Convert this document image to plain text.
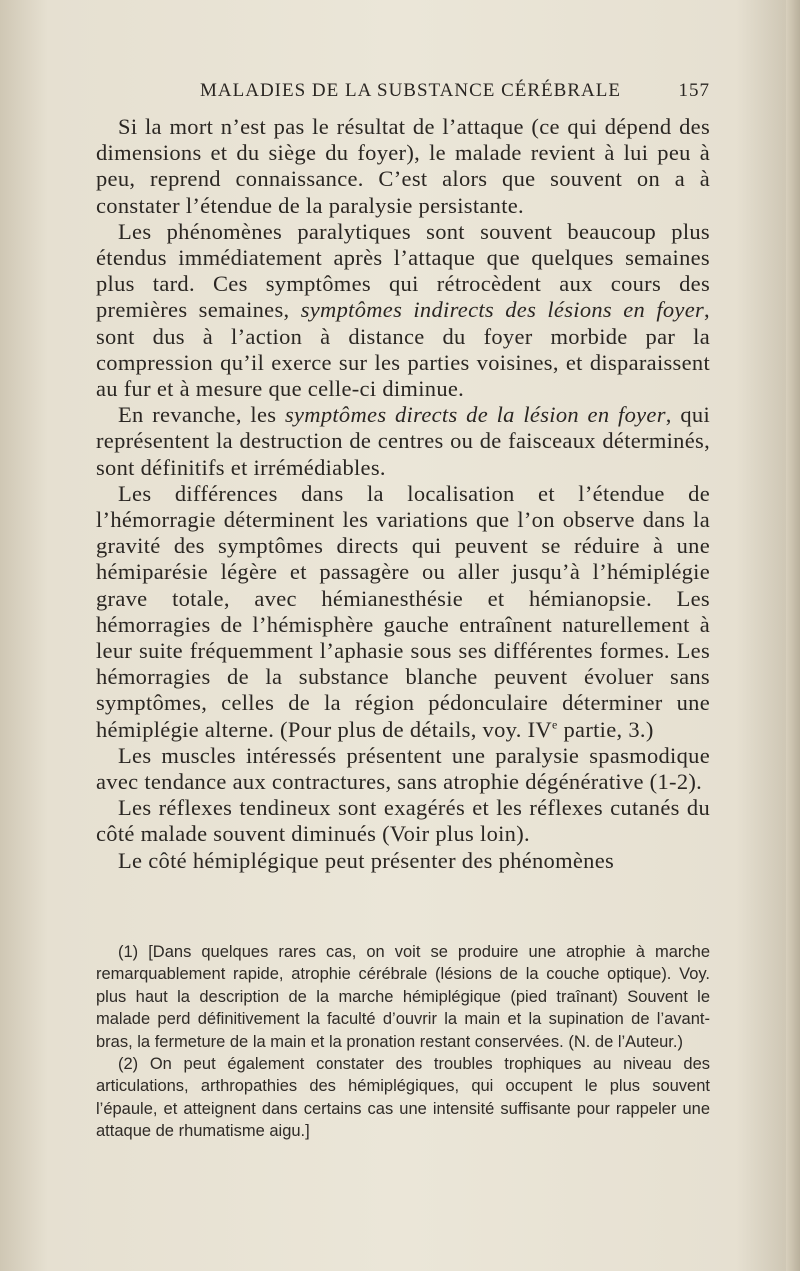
MALADIES DE LA SUBSTANCE CÉRÉBRALE	157

Si la mort n’est pas le résultat de l’attaque (ce qui dépend des dimensions et du siège du foyer), le malade revient à lui peu à peu, reprend connaissance. C’est alors que souvent on a à constater l’étendue de la paralysie persistante.

Les phénomènes paralytiques sont souvent beaucoup plus étendus immédiatement après l’attaque que quelques semaines plus tard. Ces symptômes qui rétrocèdent aux cours des premières semaines, symptômes indirects des lésions en foyer, sont dus à l’action à distance du foyer morbide par la compression qu’il exerce sur les parties voisines, et disparaissent au fur et à mesure que celle-ci diminue.

En revanche, les symptômes directs de la lésion en foyer, qui représentent la destruction de centres ou de faisceaux déterminés, sont définitifs et irrémédiables.

Les différences dans la localisation et l’étendue de l’hémorragie déterminent les variations que l’on observe dans la gravité des symptômes directs qui peuvent se réduire à une hémiparésie légère et passagère ou aller jusqu’à l’hémiplégie grave totale, avec hémianesthésie et hémianopsie. Les hémorragies de l’hémisphère gauche entraînent naturellement à leur suite fréquemment l’aphasie sous ses différentes formes. Les hémorragies de la substance blanche peuvent évoluer sans symptômes, celles de la région pédonculaire déterminer une hémiplégie alterne. (Pour plus de détails, voy. IVe partie, 3.)

Les muscles intéressés présentent une paralysie spasmodique avec tendance aux contractures, sans atrophie dégénérative (1-2).

Les réflexes tendineux sont exagérés et les réflexes cutanés du côté malade souvent diminués (Voir plus loin).

Le côté hémiplégique peut présenter des phénomènes

(1) [Dans quelques rares cas, on voit se produire une atrophie à marche remarquablement rapide, atrophie cérébrale (lésions de la couche optique). Voy. plus haut la description de la marche hémiplégique (pied traînant) Souvent le malade perd définitivement la faculté d’ouvrir la main et la supination de l’avant-bras, la fermeture de la main et la pronation restant conservées. (N. de l’Auteur.)

(2) On peut également constater des troubles trophiques au niveau des articulations, arthropathies des hémiplégiques, qui occupent le plus souvent l’épaule, et atteignent dans certains cas une intensité suffisante pour rappeler une attaque de rhumatisme aigu.]
